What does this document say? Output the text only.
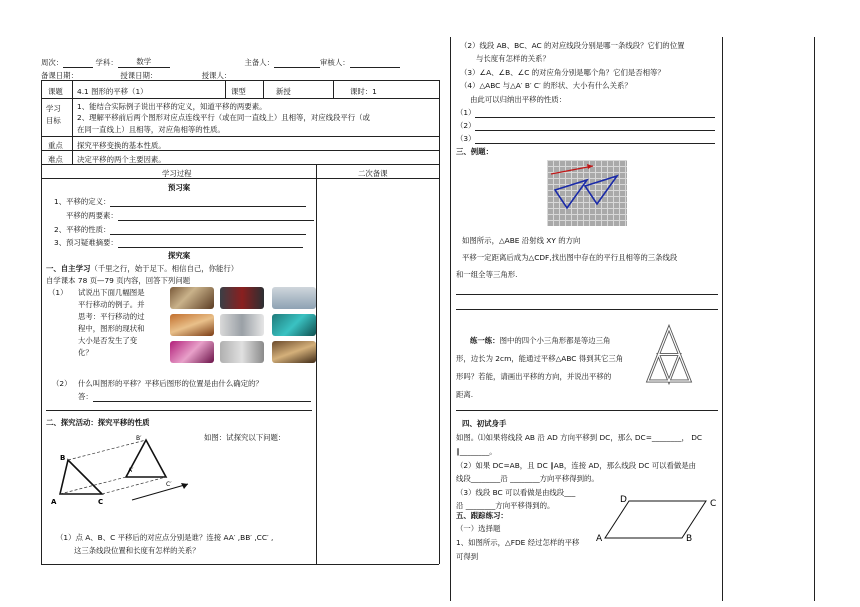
周次：	学科：	数学	主备人：	审核人：
备课日期：	授课日期：	授课人：
课题 4.1 图形的平移（1）	课型	新授	课时：1
学习目标
1、能结合实际例子说出平移的定义，知道平移的两要素。
2、理解平移前后两个图形对应点连线平行（或在同一直线上）且相等，对应线段平行（或
在同一直线上）且相等，对应角相等的性质。
重点 探究平移变换的基本性质。
难点 决定平移的两个主要因素。
学习过程	二次备课
预习案
1、平移的定义：
平移的两要素：
2、平移的性质：
3、预习疑难摘要：
探究案
一、自主学习（千里之行，始于足下。相信自己，你能行）
自学课本 78 页—79 页内容，回答下列问题
（1） 试说出下面几幅图是
平行移动的例子。并
思考：平行移动的过
程中，图形的现状和
大小是否发生了变
化？
（2） 什么叫图形的平移？平移后图形的位置是由什么确定的？
答：
二、探究活动：探究平移的性质
如图：试探究以下问题：
B
A	C
B′
A′
C′
（1）点 A、B、C 平移后的对应点分别是谁？连接 AA′ ,BB′ ,CC′ ,
这三条线段位置和长度有怎样的关系？
（2）线段 AB、BC、AC 的对应线段分别是哪一条线段？它们的位置
与长度有怎样的关系？
（3）∠A、∠B、∠C 的对应角分别是哪个角？它们是否相等？
（4）△ABC 与△A′ B′ C′ 的形状、大小有什么关系？
由此可以归纳出平移的性质：
（1）
（2）
（3）
三、例题：
如图所示，△ABE 沿射线 XY 的方向
平移一定距离后成为△CDF,找出图中存在的平行且相等的三条线段
和一组全等三角形.
练一练：图中的四个小三角形都是等边三角
形，边长为 2cm，能通过平移△ABC 得到其它三角
形吗？若能，请画出平移的方向，并说出平移的
距离.
四、初试身手
如图。⑴如果将线段 AB 沿 AD 方向平移到 DC，那么 DC=________， DC
∥________。
（2）如果 DC=AB，且 DC ∥AB，连接 AD，那么线段 DC 可以看做是由
线段________沿 ________方向平移得到的。
（3）线段 BC 可以看做是由线段___
沿 ________方向平移得到的。
D	C
A	B
五、跟踪练习：
（一）选择题
1、如图所示，△FDE 经过怎样的平移
可得到
